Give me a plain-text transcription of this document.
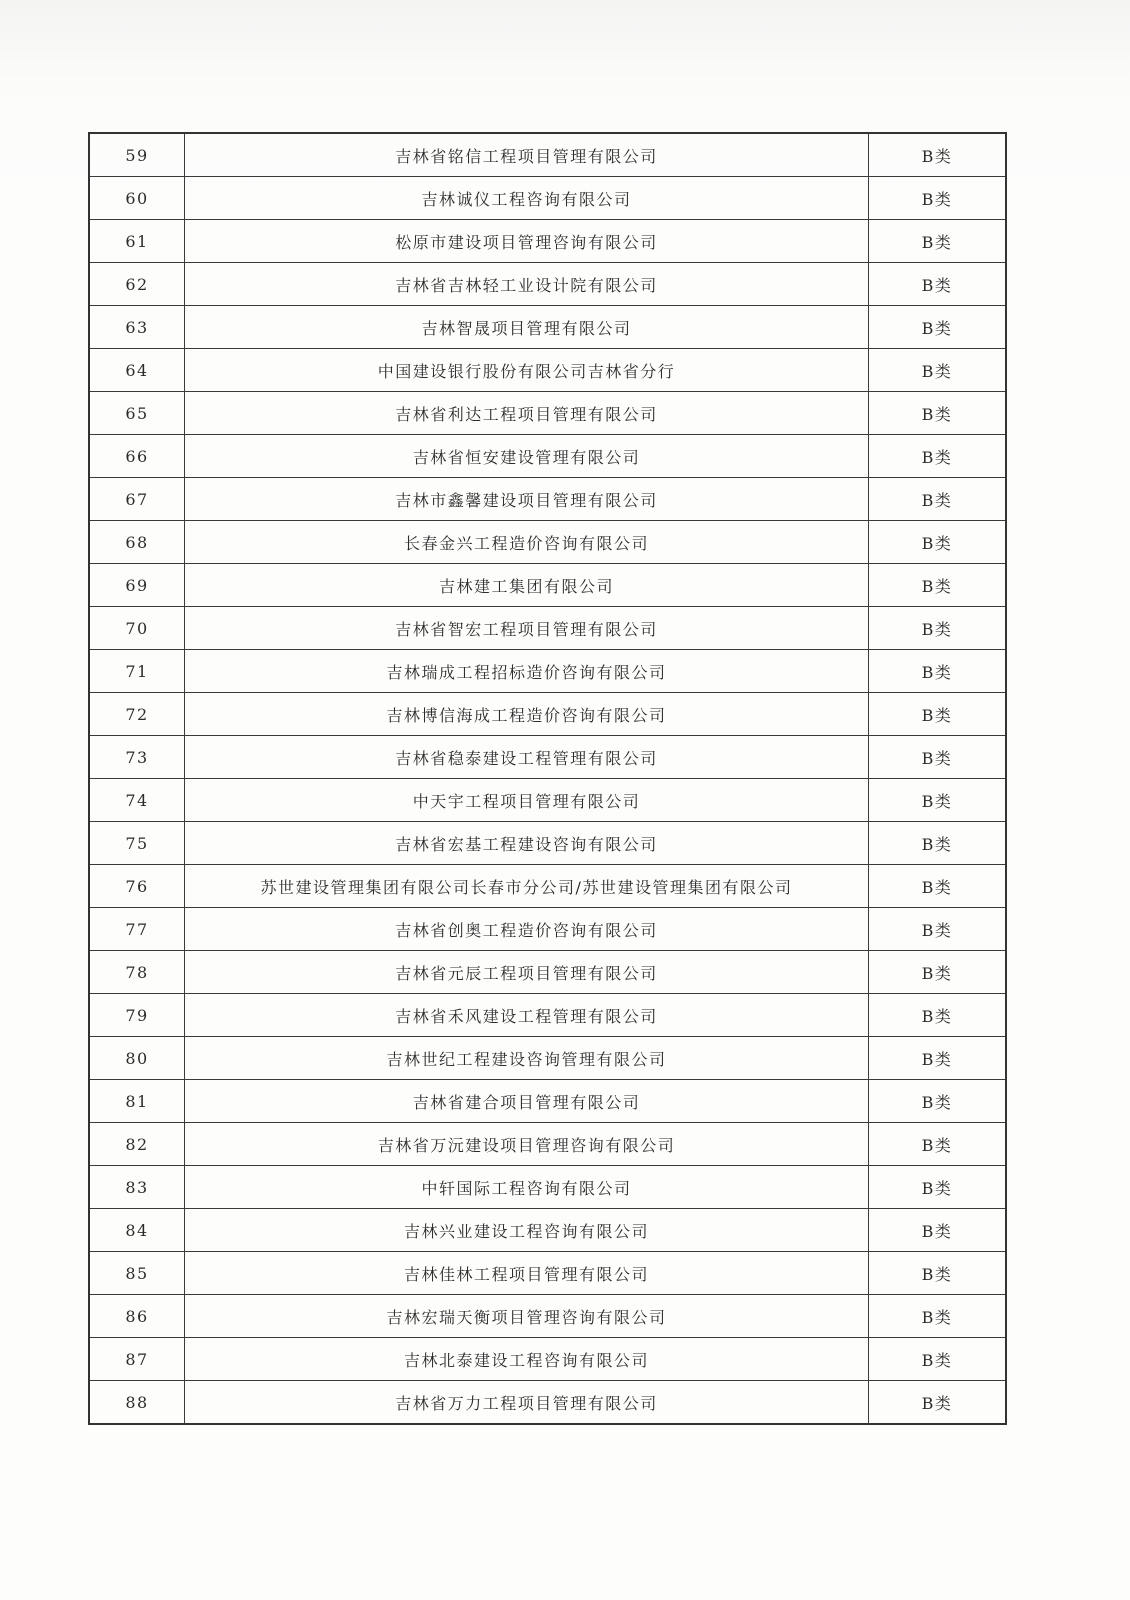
59	吉林省铭信工程项目管理有限公司	B类
60	吉林诚仪工程咨询有限公司	B类
61	松原市建设项目管理咨询有限公司	B类
62	吉林省吉林轻工业设计院有限公司	B类
63	吉林智晟项目管理有限公司	B类
64	中国建设银行股份有限公司吉林省分行	B类
65	吉林省利达工程项目管理有限公司	B类
66	吉林省恒安建设管理有限公司	B类
67	吉林市鑫馨建设项目管理有限公司	B类
68	长春金兴工程造价咨询有限公司	B类
69	吉林建工集团有限公司	B类
70	吉林省智宏工程项目管理有限公司	B类
71	吉林瑞成工程招标造价咨询有限公司	B类
72	吉林博信海成工程造价咨询有限公司	B类
73	吉林省稳泰建设工程管理有限公司	B类
74	中天宇工程项目管理有限公司	B类
75	吉林省宏基工程建设咨询有限公司	B类
76	苏世建设管理集团有限公司长春市分公司/苏世建设管理集团有限公司	B类
77	吉林省创奥工程造价咨询有限公司	B类
78	吉林省元辰工程项目管理有限公司	B类
79	吉林省禾风建设工程管理有限公司	B类
80	吉林世纪工程建设咨询管理有限公司	B类
81	吉林省建合项目管理有限公司	B类
82	吉林省万沅建设项目管理咨询有限公司	B类
83	中轩国际工程咨询有限公司	B类
84	吉林兴业建设工程咨询有限公司	B类
85	吉林佳林工程项目管理有限公司	B类
86	吉林宏瑞天衡项目管理咨询有限公司	B类
87	吉林北泰建设工程咨询有限公司	B类
88	吉林省万力工程项目管理有限公司	B类
